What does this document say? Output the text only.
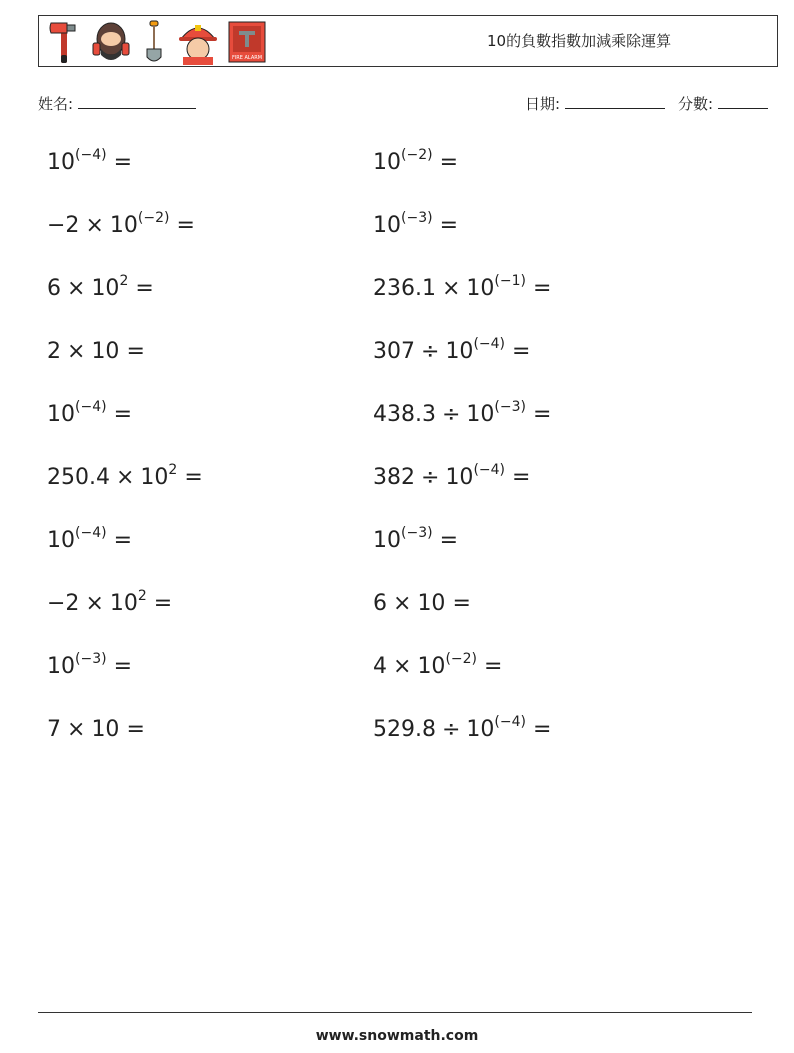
FIRE ALARM
10的負數指數加減乘除運算
姓名:	日期:	分數:
$10^{(-4)}$ =	$10^{(-2)}$ =
$-2 \times 10^{(-2)}$ =	$10^{(-3)}$ =
$6 \times 10^2$ =	$236.1 \times 10^{(-1)}$ =
2 × 10 =	$307 \div 10^{(-4)}$ =
$10^{(-4)}$ =	$438.3 \div 10^{(-3)}$ =
$250.4 \times 10^2$ =	$382 \div 10^{(-4)}$ =
$10^{(-4)}$ =	$10^{(-3)}$ =
$-2 \times 10^2$ =	6 × 10 =
$10^{(-3)}$ =	$4 \times 10^{(-2)}$ =
7 × 10 =	$529.8 \div 10^{(-4)}$ =
www.snowmath.com
